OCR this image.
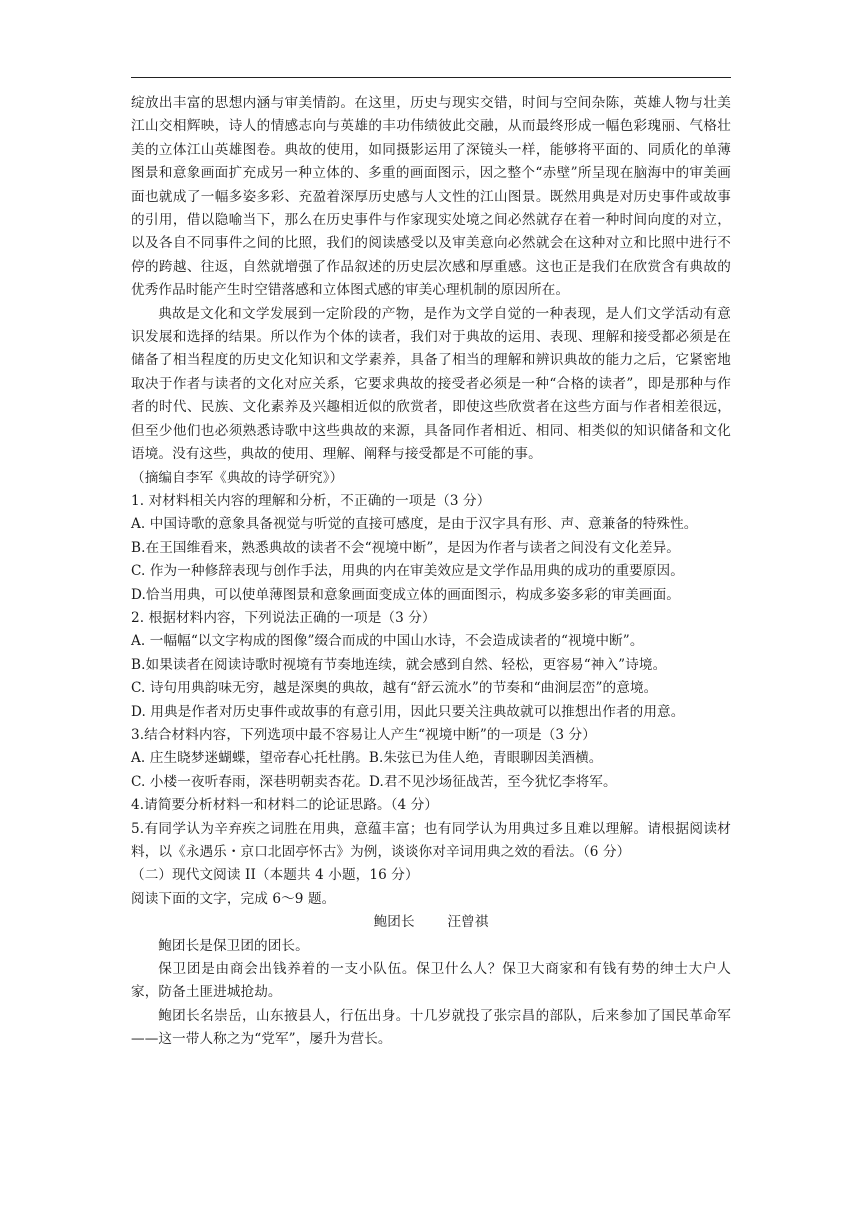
绽放出丰富的思想内涵与审美情韵。在这里，历史与现实交错，时间与空间杂陈，英雄人物与壮美江山交相辉映，诗人的情感志向与英雄的丰功伟绩彼此交融，从而最终形成一幅色彩瑰丽、气格壮美的立体江山英雄图卷。典故的使用，如同摄影运用了深镜头一样，能够将平面的、同质化的单薄图景和意象画面扩充成另一种立体的、多重的画面图示，因之整个“赤壁”所呈现在脑海中的审美画面也就成了一幅多姿多彩、充盈着深厚历史感与人文性的江山图景。既然用典是对历史事件或故事的引用，借以隐喻当下，那么在历史事件与作家现实处境之间必然就存在着一种时间向度的对立，以及各自不同事件之间的比照，我们的阅读感受以及审美意向必然就会在这种对立和比照中进行不停的跨越、往返，自然就增强了作品叙述的历史层次感和厚重感。这也正是我们在欣赏含有典故的优秀作品时能产生时空错落感和立体图式感的审美心理机制的原因所在。

典故是文化和文学发展到一定阶段的产物，是作为文学自觉的一种表现，是人们文学活动有意识发展和选择的结果。所以作为个体的读者，我们对于典故的运用、表现、理解和接受都必须是在储备了相当程度的历史文化知识和文学素养，具备了相当的理解和辨识典故的能力之后，它紧密地取决于作者与读者的文化对应关系，它要求典故的接受者必须是一种“合格的读者”，即是那种与作者的时代、民族、文化素养及兴趣相近似的欣赏者，即使这些欣赏者在这些方面与作者相差很远，但至少他们也必须熟悉诗歌中这些典故的来源，具备同作者相近、相同、相类似的知识储备和文化语境。没有这些，典故的使用、理解、阐释与接受都是不可能的事。

（摘编自李军《典故的诗学研究》）

1. 对材料相关内容的理解和分析，不正确的一项是（3 分）

A. 中国诗歌的意象具备视觉与听觉的直接可感度，是由于汉字具有形、声、意兼备的特殊性。

B.在王国维看来，熟悉典故的读者不会“视境中断”，是因为作者与读者之间没有文化差异。

C. 作为一种修辞表现与创作手法，用典的内在审美效应是文学作品用典的成功的重要原因。

D.恰当用典，可以使单薄图景和意象画面变成立体的画面图示，构成多姿多彩的审美画面。

2. 根据材料内容，下列说法正确的一项是（3 分）

A. 一幅幅“以文字构成的图像”缀合而成的中国山水诗，不会造成读者的“视境中断”。

B.如果读者在阅读诗歌时视境有节奏地连续，就会感到自然、轻松，更容易“神入”诗境。

C. 诗句用典韵味无穷，越是深奥的典故，越有“舒云流水”的节奏和“曲涧层峦”的意境。

D. 用典是作者对历史事件或故事的有意引用，因此只要关注典故就可以推想出作者的用意。

3.结合材料内容，下列选项中最不容易让人产生“视境中断”的一项是（3 分）

A. 庄生晓梦迷蝴蝶，望帝春心托杜鹃。B.朱弦已为佳人绝，青眼聊因美酒横。

C. 小楼一夜听春雨，深巷明朝卖杏花。D.君不见沙场征战苦，至今犹忆李将军。

4.请简要分析材料一和材料二的论证思路。（4 分）

5.有同学认为辛弃疾之词胜在用典，意蕴丰富；也有同学认为用典过多且难以理解。请根据阅读材料，以《永遇乐・京口北固亭怀古》为例，谈谈你对辛词用典之效的看法。（6 分）

（二）现代文阅读 II（本题共 4 小题，16 分）

阅读下面的文字，完成 6～9 题。

鲍团长 汪曾祺

鲍团长是保卫团的团长。

保卫团是由商会出钱养着的一支小队伍。保卫什么人？保卫大商家和有钱有势的绅士大户人家，防备土匪进城抢劫。

鲍团长名崇岳，山东掖县人，行伍出身。十几岁就投了张宗昌的部队，后来参加了国民革命军——这一带人称之为“党军”，屡升为营长。
